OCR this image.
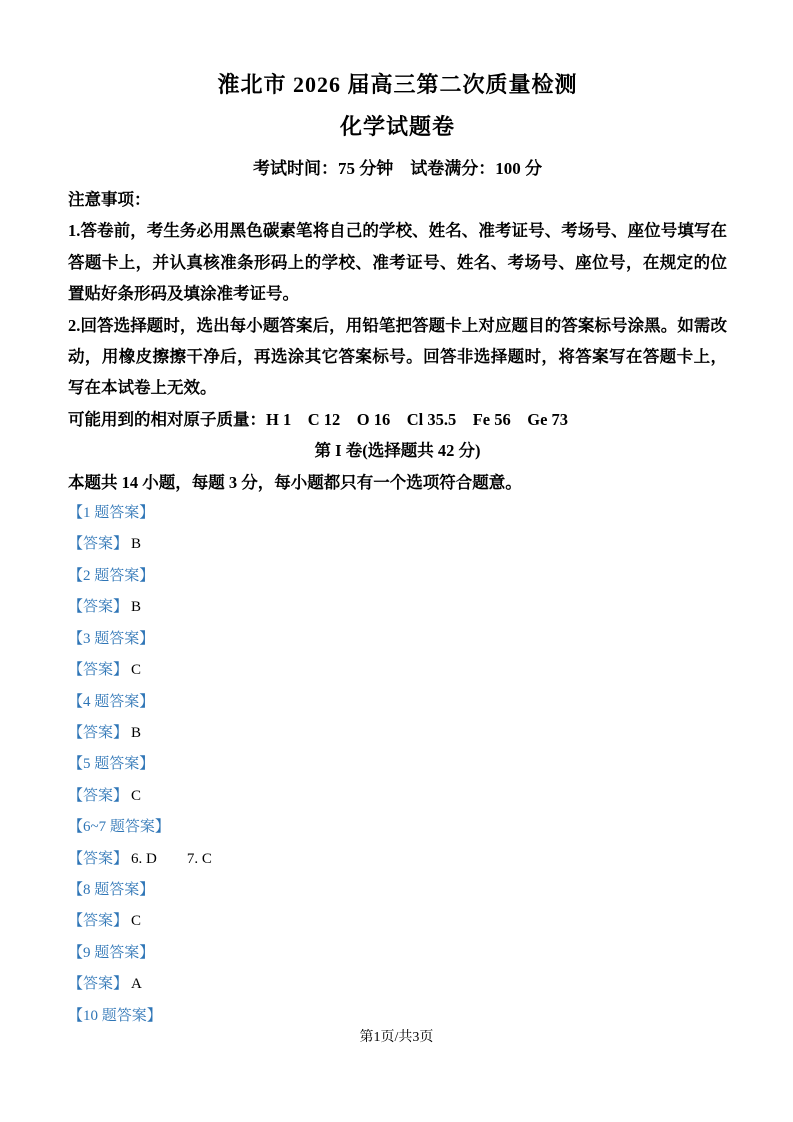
淮北市 2026 届高三第二次质量检测
化学试题卷
考试时间：75 分钟　试卷满分：100 分

注意事项：

1.答卷前，考生务必用黑色碳素笔将自己的学校、姓名、准考证号、考场号、座位号填写在答题卡上，并认真核准条形码上的学校、准考证号、姓名、考场号、座位号，在规定的位置贴好条形码及填涂准考证号。

2.回答选择题时，选出每小题答案后，用铅笔把答题卡上对应题目的答案标号涂黑。如需改动，用橡皮擦擦干净后，再选涂其它答案标号。回答非选择题时，将答案写在答题卡上，写在本试卷上无效。

可能用到的相对原子质量：H 1　C 12　O 16　Cl 35.5　Fe 56　Ge 73

第 I 卷(选择题共 42 分)

本题共 14 小题，每题 3 分，每小题都只有一个选项符合题意。

【1 题答案】
【答案】 B
【2 题答案】
【答案】 B
【3 题答案】
【答案】 C
【4 题答案】
【答案】 B
【5 题答案】
【答案】 C
【6~7 题答案】
【答案】 6. D        7. C
【8 题答案】
【答案】 C
【9 题答案】
【答案】 A
【10 题答案】
第1页/共3页
